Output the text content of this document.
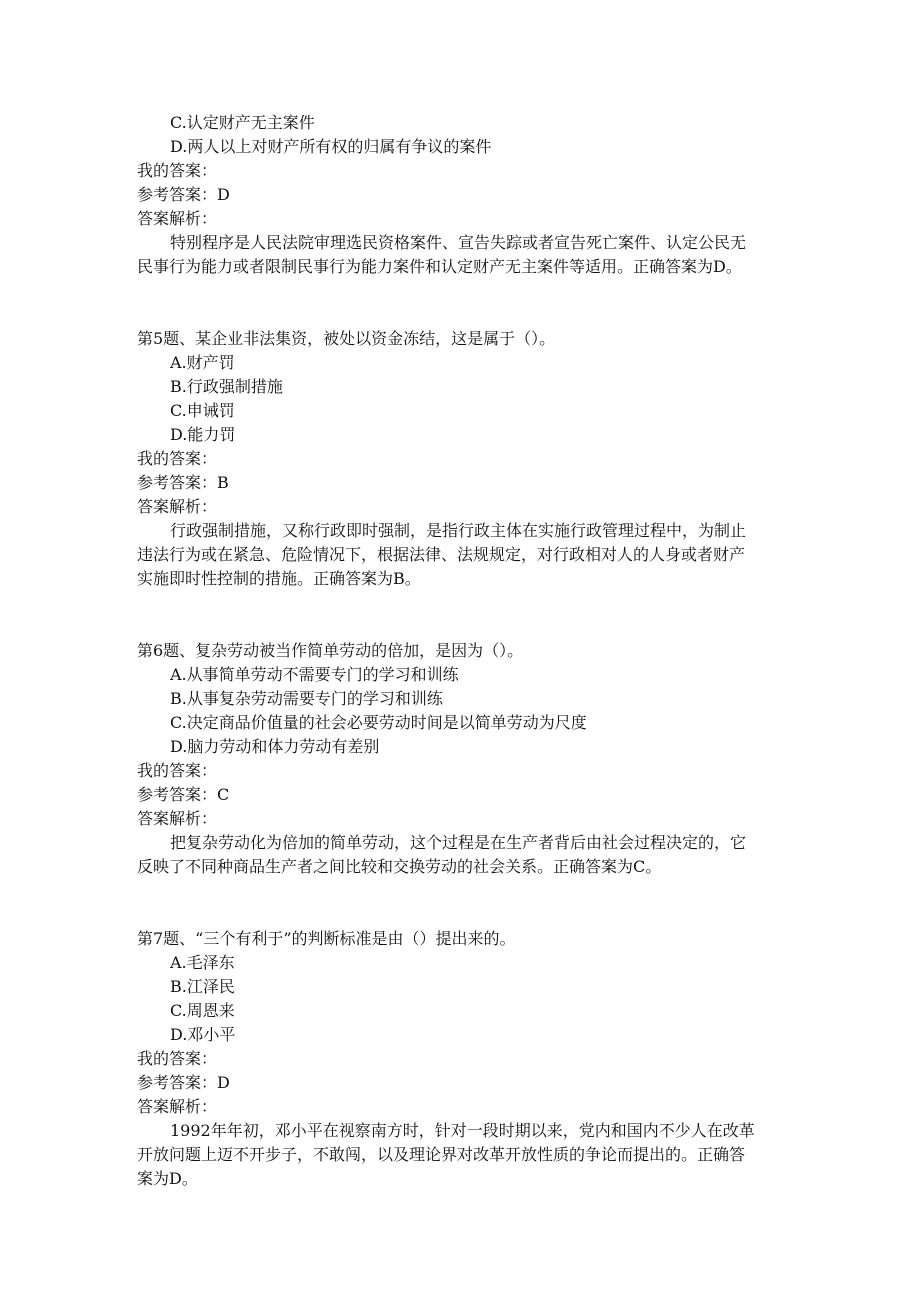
C.认定财产无主案件
D.两人以上对财产所有权的归属有争议的案件
我的答案：
参考答案：D
答案解析：
特别程序是人民法院审理选民资格案件、宣告失踪或者宣告死亡案件、认定公民无
民事行为能力或者限制民事行为能力案件和认定财产无主案件等适用。正确答案为D。
第5题、某企业非法集资，被处以资金冻结，这是属于（）。
A.财产罚
B.行政强制措施
C.申诫罚
D.能力罚
我的答案：
参考答案：B
答案解析：
行政强制措施，又称行政即时强制，是指行政主体在实施行政管理过程中，为制止
违法行为或在紧急、危险情况下，根据法律、法规规定，对行政相对人的人身或者财产
实施即时性控制的措施。正确答案为B。
第6题、复杂劳动被当作简单劳动的倍加，是因为（）。
A.从事简单劳动不需要专门的学习和训练
B.从事复杂劳动需要专门的学习和训练
C.决定商品价值量的社会必要劳动时间是以简单劳动为尺度
D.脑力劳动和体力劳动有差别
我的答案：
参考答案：C
答案解析：
把复杂劳动化为倍加的简单劳动，这个过程是在生产者背后由社会过程决定的，它
反映了不同种商品生产者之间比较和交换劳动的社会关系。正确答案为C。
第7题、“三个有利于”的判断标准是由（）提出来的。
A.毛泽东
B.江泽民
C.周恩来
D.邓小平
我的答案：
参考答案：D
答案解析：
1992年年初，邓小平在视察南方时，针对一段时期以来，党内和国内不少人在改革
开放问题上迈不开步子，不敢闯，以及理论界对改革开放性质的争论而提出的。正确答
案为D。
